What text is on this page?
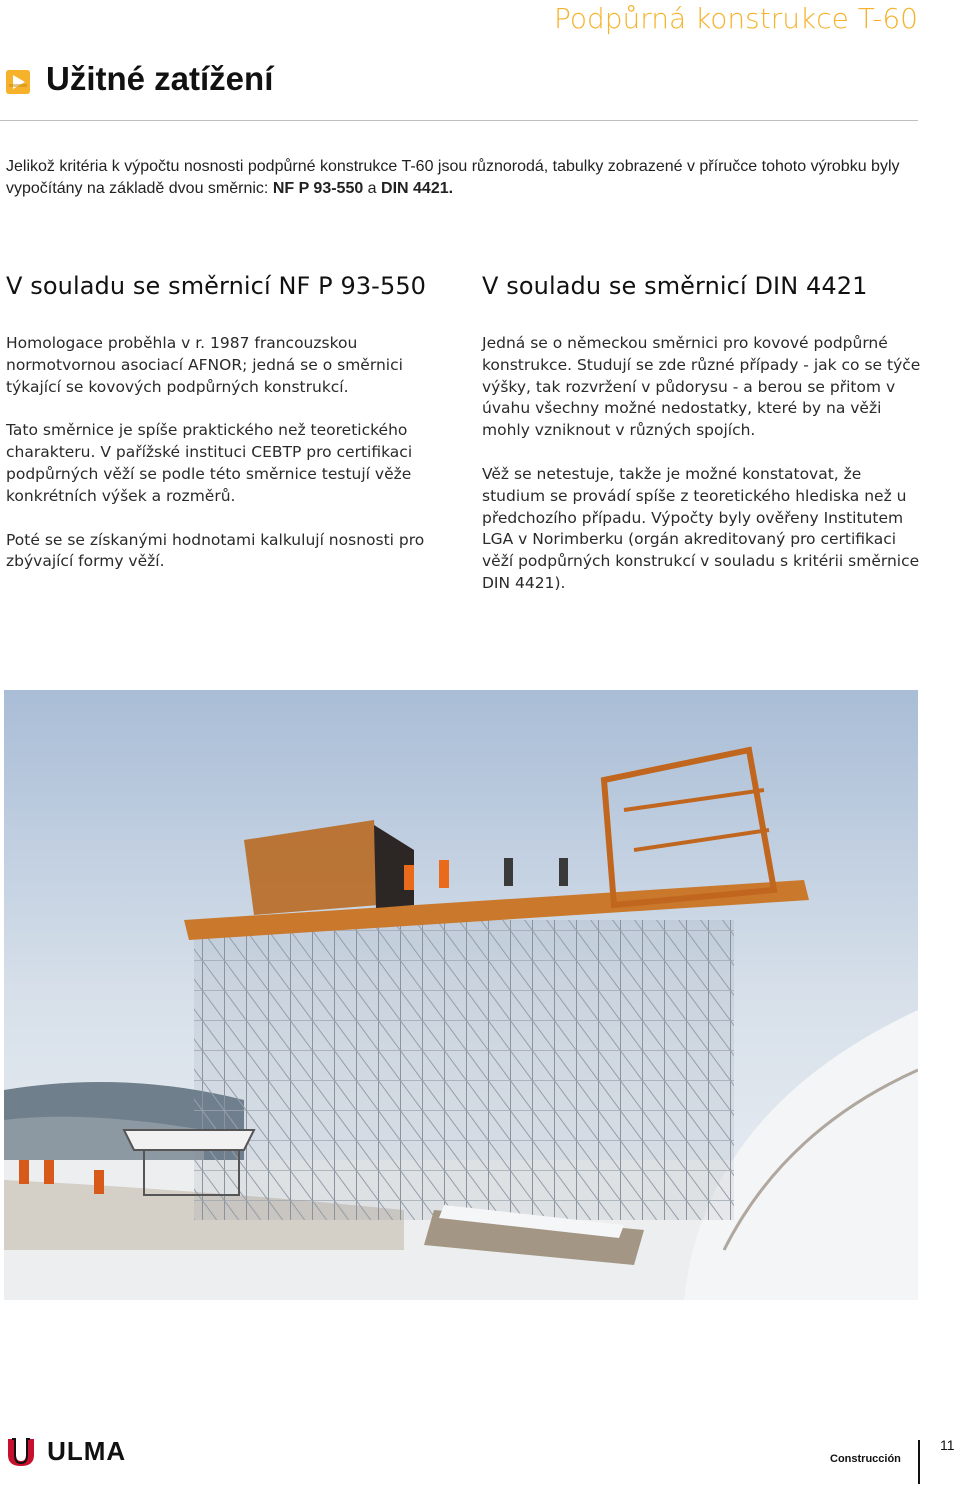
Podpůrná konstrukce T-60
Užitné zatížení
Jelikož kritéria k výpočtu nosnosti podpůrné konstrukce T-60 jsou různorodá, tabulky zobrazené v příručce tohoto výrobku byly vypočítány na základě dvou směrnic: NF P 93-550 a DIN 4421.
V souladu se směrnicí NF P 93-550

Homologace proběhla v r. 1987 francouzskou normotvornou asociací AFNOR; jedná se o směrnici týkající se kovových podpůrných konstrukcí.

Tato směrnice je spíše praktického než teoretického charakteru. V pařížské instituci CEBTP pro certifikaci podpůrných věží se podle této směrnice testují věže konkrétních výšek a rozměrů.

Poté se se získanými hodnotami kalkulují nosnosti pro zbývající formy věží.

V souladu se směrnicí DIN 4421

Jedná se o německou směrnici pro kovové podpůrné konstrukce. Studují se zde různé případy - jak co se týče výšky, tak rozvržení v půdorysu - a berou se přitom v úvahu všechny možné nedostatky, které by na věži mohly vzniknout v různých spojích.

Věž se netestuje, takže je možné konstatovat, že studium se provádí spíše z teoretického hlediska než u předchozího případu. Výpočty byly ověřeny Institutem LGA v Norimberku (orgán akreditovaný pro certifikaci věží podpůrných konstrukcí v souladu s kritérii směrnice DIN 4421).

ULMA	Construcción
11
